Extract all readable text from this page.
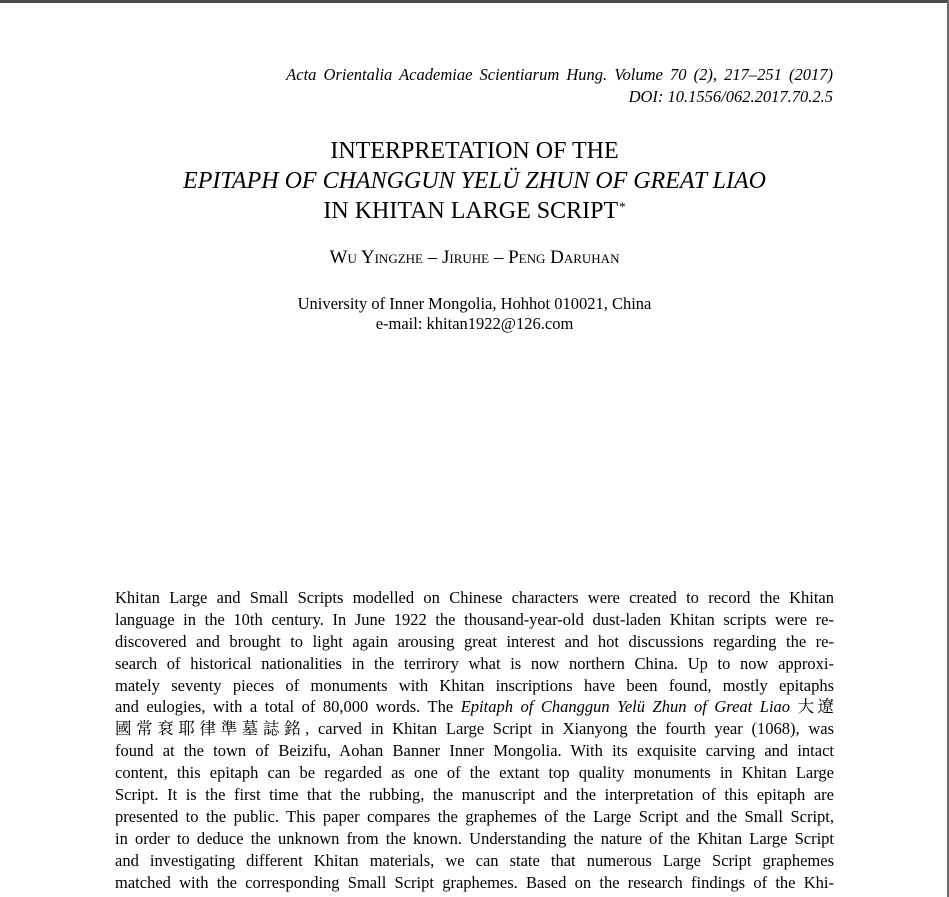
Acta Orientalia Academiae Scientiarum Hung. Volume 70 (2), 217–251 (2017)
DOI: 10.1556/062.2017.70.2.5
INTERPRETATION OF THE
EPITAPH OF CHANGGUN YELÜ ZHUN OF GREAT LIAO
IN KHITAN LARGE SCRIPT*
Wu Yingzhe – Jiruhe – Peng Daruhan
University of Inner Mongolia, Hohhot 010021, China
e-mail: khitan1922@126.com
Khitan Large and Small Scripts modelled on Chinese characters were created to record the Khitan
language in the 10th century. In June 1922 the thousand-year-old dust-laden Khitan scripts were re-
discovered and brought to light again arousing great interest and hot discussions regarding the re-
search of historical nationalities in the terrirory what is now northern China. Up to now approxi-
mately seventy pieces of monuments with Khitan inscriptions have been found, mostly epitaphs
and eulogies, with a total of 80,000 words. The Epitaph of Changgun Yelü Zhun of Great Liao 大遼
國常袞耶律準墓誌銘, carved in Khitan Large Script in Xianyong the fourth year (1068), was
found at the town of Beizifu, Aohan Banner Inner Mongolia. With its exquisite carving and intact
content, this epitaph can be regarded as one of the extant top quality monuments in Khitan Large
Script. It is the first time that the rubbing, the manuscript and the interpretation of this epitaph are
presented to the public. This paper compares the graphemes of the Large Script and the Small Script,
in order to deduce the unknown from the known. Understanding the nature of the Khitan Large Script
and investigating different Khitan materials, we can state that numerous Large Script graphemes
matched with the corresponding Small Script graphemes. Based on the research findings of the Khi-
